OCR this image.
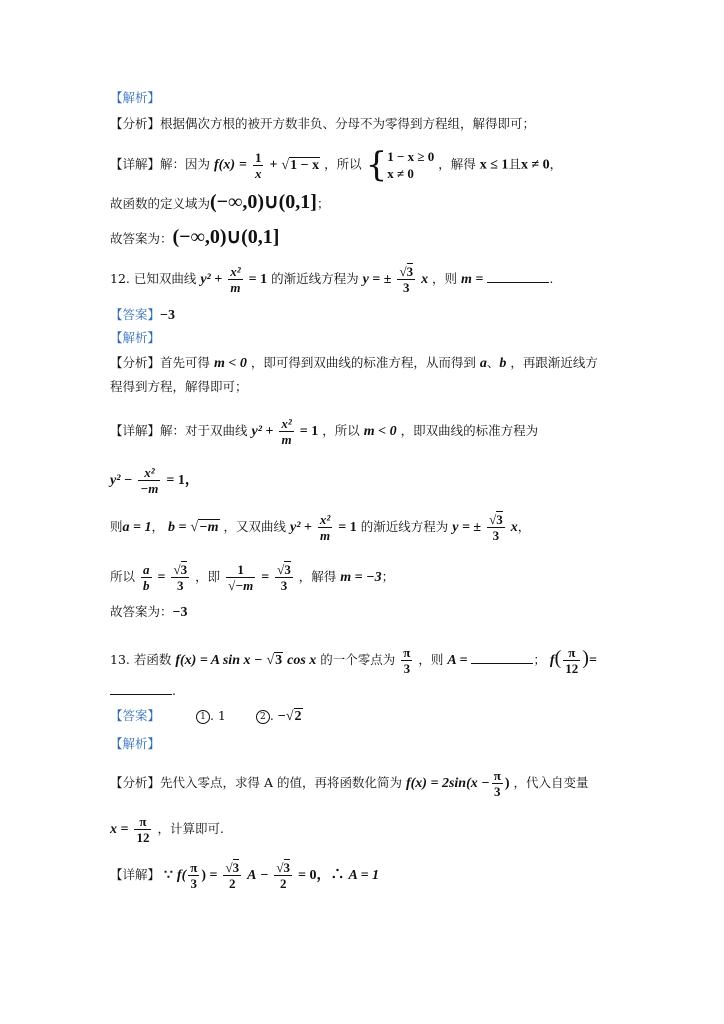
【解析】
【分析】根据偶次方根的被开方数非负、分母不为零得到方程组，解得即可；
【详解】解：因为 $f(x) = \frac{1}{x} + √1 - x$ ，所以 { 1 − x ≥ 0
x ≠ 0
，解得 x ≤ 1且x ≠ 0，
故函数的定义域为(−∞,0)∪(0,1]；
故答案为：(−∞,0)∪(0,1]
12. 已知双曲线 $y^2 + \frac{\text{x²}}{m} = 1$ 的渐近线方程为 y = ± $\frac{√3}{3}$ x ，则 m =	.
【答案】−3
【解析】
【分析】首先可得 m < 0 ，即可得到双曲线的标准方程，从而得到 a、b ，再跟渐近线方
程得到方程，解得即可；
【详解】解：对于双曲线 $y^2 + \frac{\text{x²}}{m} = 1$ ，所以 m < 0 ，即双曲线的标准方程为
$y^2 - \frac{\text{x²}}{-m} = 1$，
则a = 1， b = √−m ，又双曲线 $y^2 + \frac{\text{x²}}{m} = 1$ 的渐近线方程为 y = ± $\frac{√3}{3}$ x，
所以 $\frac{a}{b} = \frac{√3}{3}$ ，即 $\frac{1}{√-m} = \frac{√3}{3}$ ，解得 m = −3；
故答案为：−3
13. 若函数 f(x) = A sin x − √3 cos x 的一个零点为 $\frac{\pi}{3}$ ，则 A =	； $f( \frac{\pi}{12}$ )=
.
【答案】	1 . 1	2 . −√2
【解析】
【分析】先代入零点，求得 A 的值，再将函数化简为 $f(x) = 2\sin(x - \frac{\pi}{3}$ ) ，代入自变量
$x = \frac{\pi}{12}$ ，计算即可.
【详解】 ∵ $f( \frac{\pi}{3}$ ) = $\frac{√3}{2}$ $A - \frac{√3}{2} = 0$，∴ A = 1
